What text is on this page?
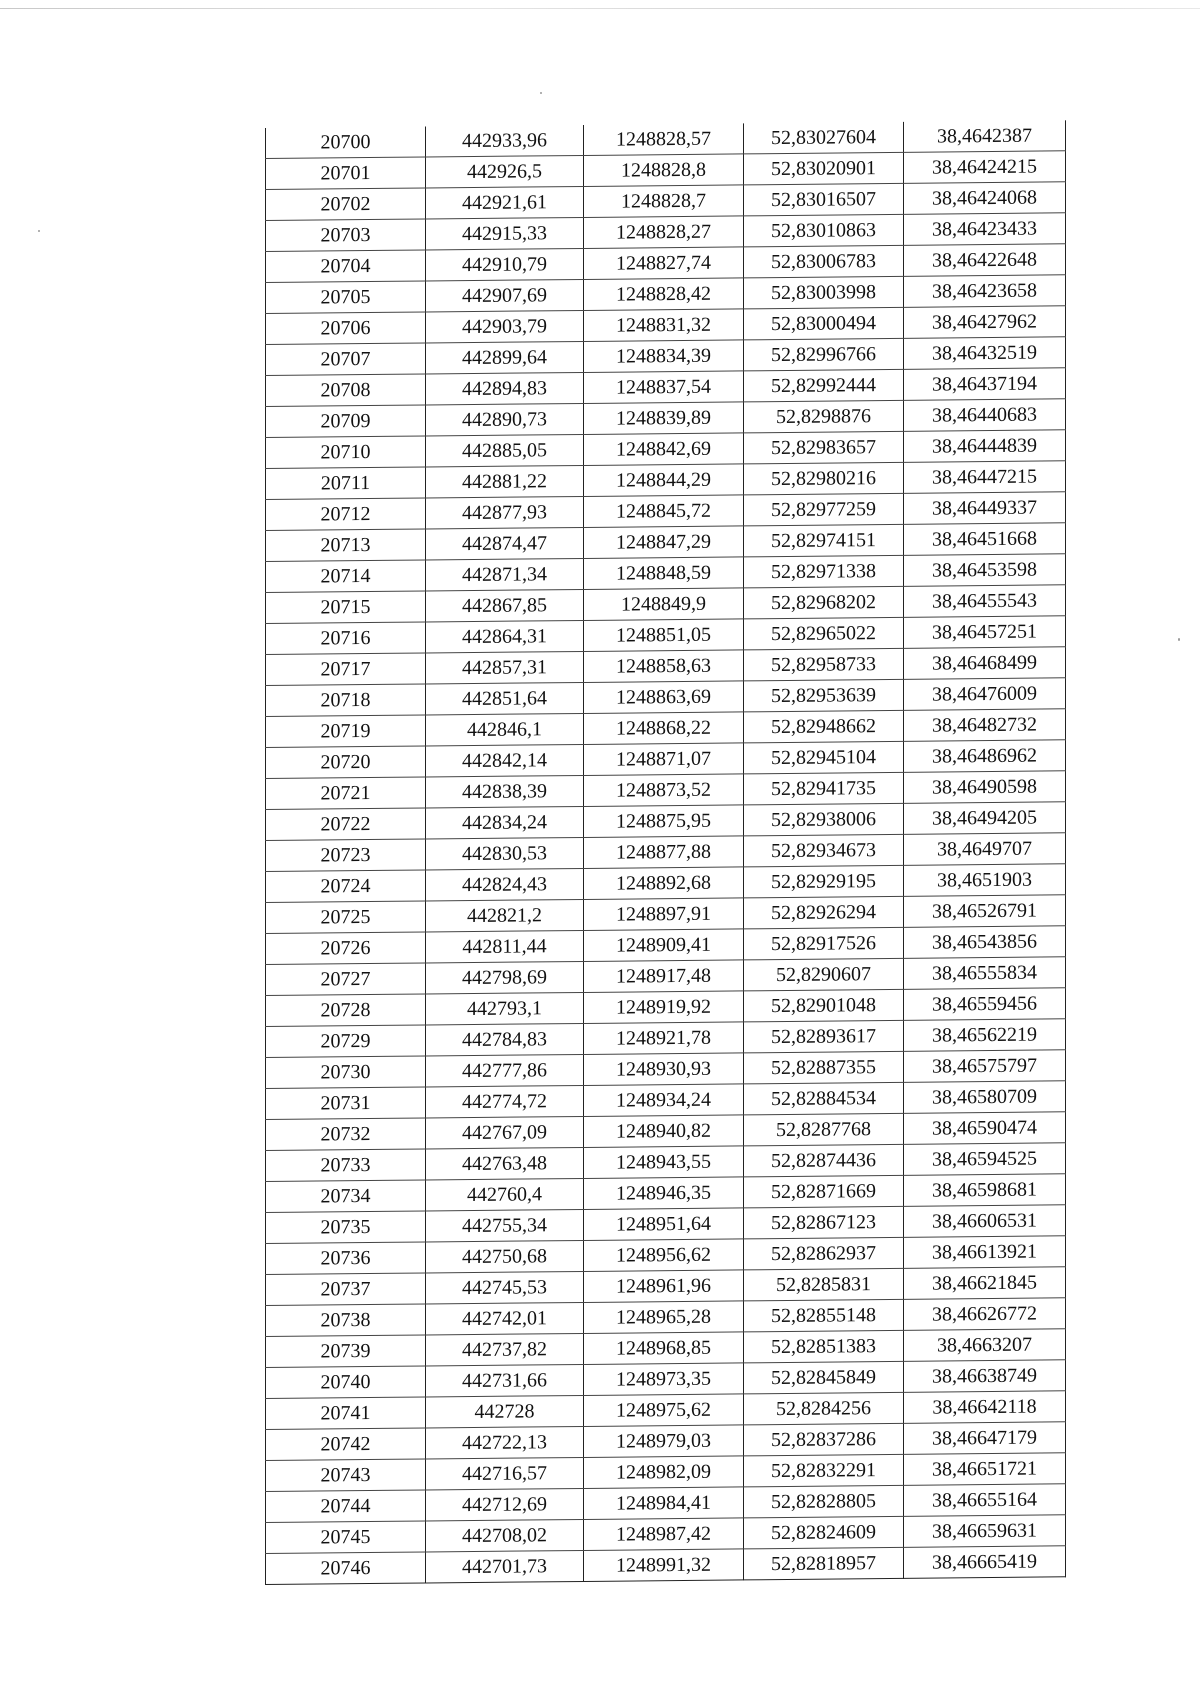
20700	442933,96	1248828,57	52,83027604	38,4642387
20701	442926,5	1248828,8	52,83020901	38,46424215
20702	442921,61	1248828,7	52,83016507	38,46424068
20703	442915,33	1248828,27	52,83010863	38,46423433
20704	442910,79	1248827,74	52,83006783	38,46422648
20705	442907,69	1248828,42	52,83003998	38,46423658
20706	442903,79	1248831,32	52,83000494	38,46427962
20707	442899,64	1248834,39	52,82996766	38,46432519
20708	442894,83	1248837,54	52,82992444	38,46437194
20709	442890,73	1248839,89	52,8298876	38,46440683
20710	442885,05	1248842,69	52,82983657	38,46444839
20711	442881,22	1248844,29	52,82980216	38,46447215
20712	442877,93	1248845,72	52,82977259	38,46449337
20713	442874,47	1248847,29	52,82974151	38,46451668
20714	442871,34	1248848,59	52,82971338	38,46453598
20715	442867,85	1248849,9	52,82968202	38,46455543
20716	442864,31	1248851,05	52,82965022	38,46457251
20717	442857,31	1248858,63	52,82958733	38,46468499
20718	442851,64	1248863,69	52,82953639	38,46476009
20719	442846,1	1248868,22	52,82948662	38,46482732
20720	442842,14	1248871,07	52,82945104	38,46486962
20721	442838,39	1248873,52	52,82941735	38,46490598
20722	442834,24	1248875,95	52,82938006	38,46494205
20723	442830,53	1248877,88	52,82934673	38,4649707
20724	442824,43	1248892,68	52,82929195	38,4651903
20725	442821,2	1248897,91	52,82926294	38,46526791
20726	442811,44	1248909,41	52,82917526	38,46543856
20727	442798,69	1248917,48	52,8290607	38,46555834
20728	442793,1	1248919,92	52,82901048	38,46559456
20729	442784,83	1248921,78	52,82893617	38,46562219
20730	442777,86	1248930,93	52,82887355	38,46575797
20731	442774,72	1248934,24	52,82884534	38,46580709
20732	442767,09	1248940,82	52,8287768	38,46590474
20733	442763,48	1248943,55	52,82874436	38,46594525
20734	442760,4	1248946,35	52,82871669	38,46598681
20735	442755,34	1248951,64	52,82867123	38,46606531
20736	442750,68	1248956,62	52,82862937	38,46613921
20737	442745,53	1248961,96	52,8285831	38,46621845
20738	442742,01	1248965,28	52,82855148	38,46626772
20739	442737,82	1248968,85	52,82851383	38,4663207
20740	442731,66	1248973,35	52,82845849	38,46638749
20741	442728	1248975,62	52,8284256	38,46642118
20742	442722,13	1248979,03	52,82837286	38,46647179
20743	442716,57	1248982,09	52,82832291	38,46651721
20744	442712,69	1248984,41	52,82828805	38,46655164
20745	442708,02	1248987,42	52,82824609	38,46659631
20746	442701,73	1248991,32	52,82818957	38,46665419
